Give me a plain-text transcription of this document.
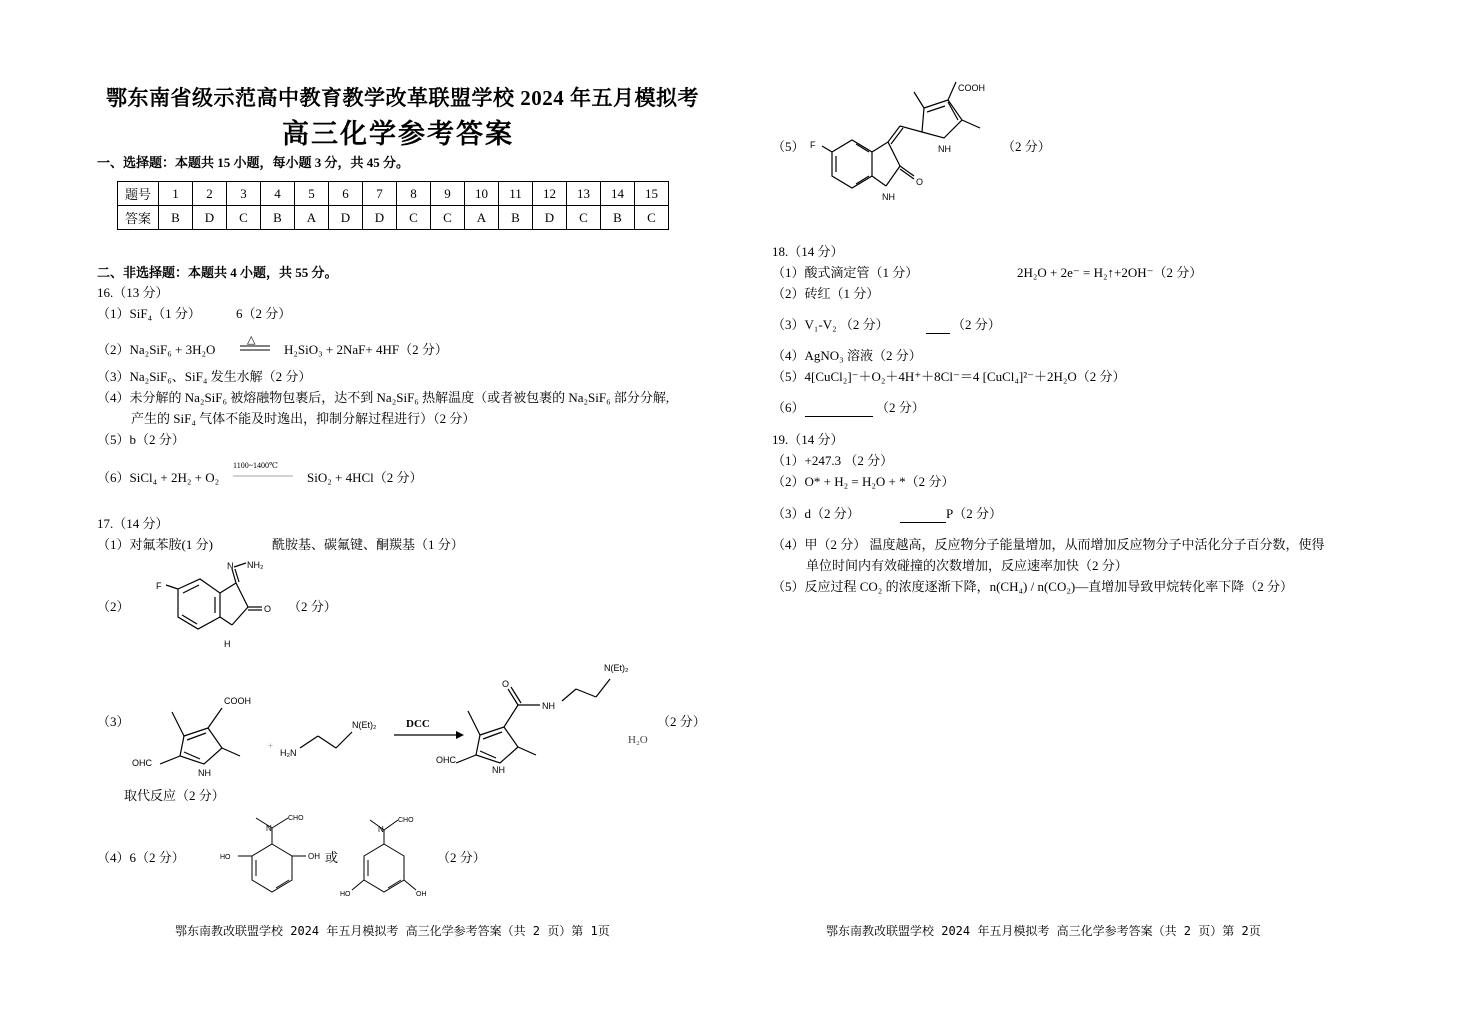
鄂东南省级示范高中教育教学改革联盟学校 2024 年五月模拟考
高三化学参考答案
一、选择题：本题共 15 小题，每小题 3 分，共 45 分。
题号	1	2	3	4	5	6	7	8	9	10	11	12	13	14	15
答案	B	D	C	B	A	D	D	C	C	A	B	D	C	B	C
二、非选择题：本题共 4 小题，共 55 分。
16.（13 分）
（1）SiF₄（1 分）	6（2 分）
（2）Na₂SiF₆ + 3H₂O
△
H₂SiO₃ + 2NaF+ 4HF（2 分）
（3）Na₂SiF₆、SiF₄ 发生水解（2 分）
（4）未分解的 Na₂SiF₆ 被熔融物包裹后，达不到 Na₂SiF₆ 热解温度（或者被包裹的 Na₂SiF₆ 部分分解,
产生的 SiF₄ 气体不能及时逸出，抑制分解过程进行）（2 分）
（5）b（2 分）
（6）SiCl₄ + 2H₂ + O₂
1100~1400℃
SiO₂ + 4HCl（2 分）
17.（14 分）
（1）对氟苯胺(1 分)	酰胺基、碳氟键、酮羰基（1 分）
（2）
N NH₂
F
O
H
（2 分）
（3）
COOH
OHC
NH
+
H₂N
N(Et)₂	DCC
O
NH
N(Et)₂
OHC
NH
（2 分）
H₂O
取代反应（2 分）
（4）6（2 分）
N
CHO
HO	OH 或
N
CHO
HO	OH
（2 分）
鄂东南教改联盟学校 2024 年五月模拟考 高三化学参考答案（共 2 页）第 1页
（5）
COOH
F
O
NH
NH	（2 分）
18.（14 分）
（1）酸式滴定管（1 分）	2H₂O + 2e⁻ = H₂↑+2OH⁻（2 分）
（2）砖红（1 分）
（3）V₁-V₂ （2 分）	（2 分）
（4）AgNO₃ 溶液（2 分）
（5）4[CuCl₂]⁻＋O₂＋4H⁺＋8Cl⁻＝4 [CuCl₄]²⁻＋2H₂O（2 分）
（6）	（2 分）
19.（14 分）
（1）+247.3 （2 分）
（2）O* + H₂ = H₂O + *（2 分）
（3）d（2 分）	P（2 分）
（4）甲（2 分） 温度越高，反应物分子能量增加，从而增加反应物分子中活化分子百分数，使得
单位时间内有效碰撞的次数增加，反应速率加快（2 分）
（5）反应过程 CO₂ 的浓度逐渐下降，n(CH₄) / n(CO₂)—直增加导致甲烷转化率下降（2 分）
鄂东南教改联盟学校 2024 年五月模拟考 高三化学参考答案（共 2 页）第 2页
